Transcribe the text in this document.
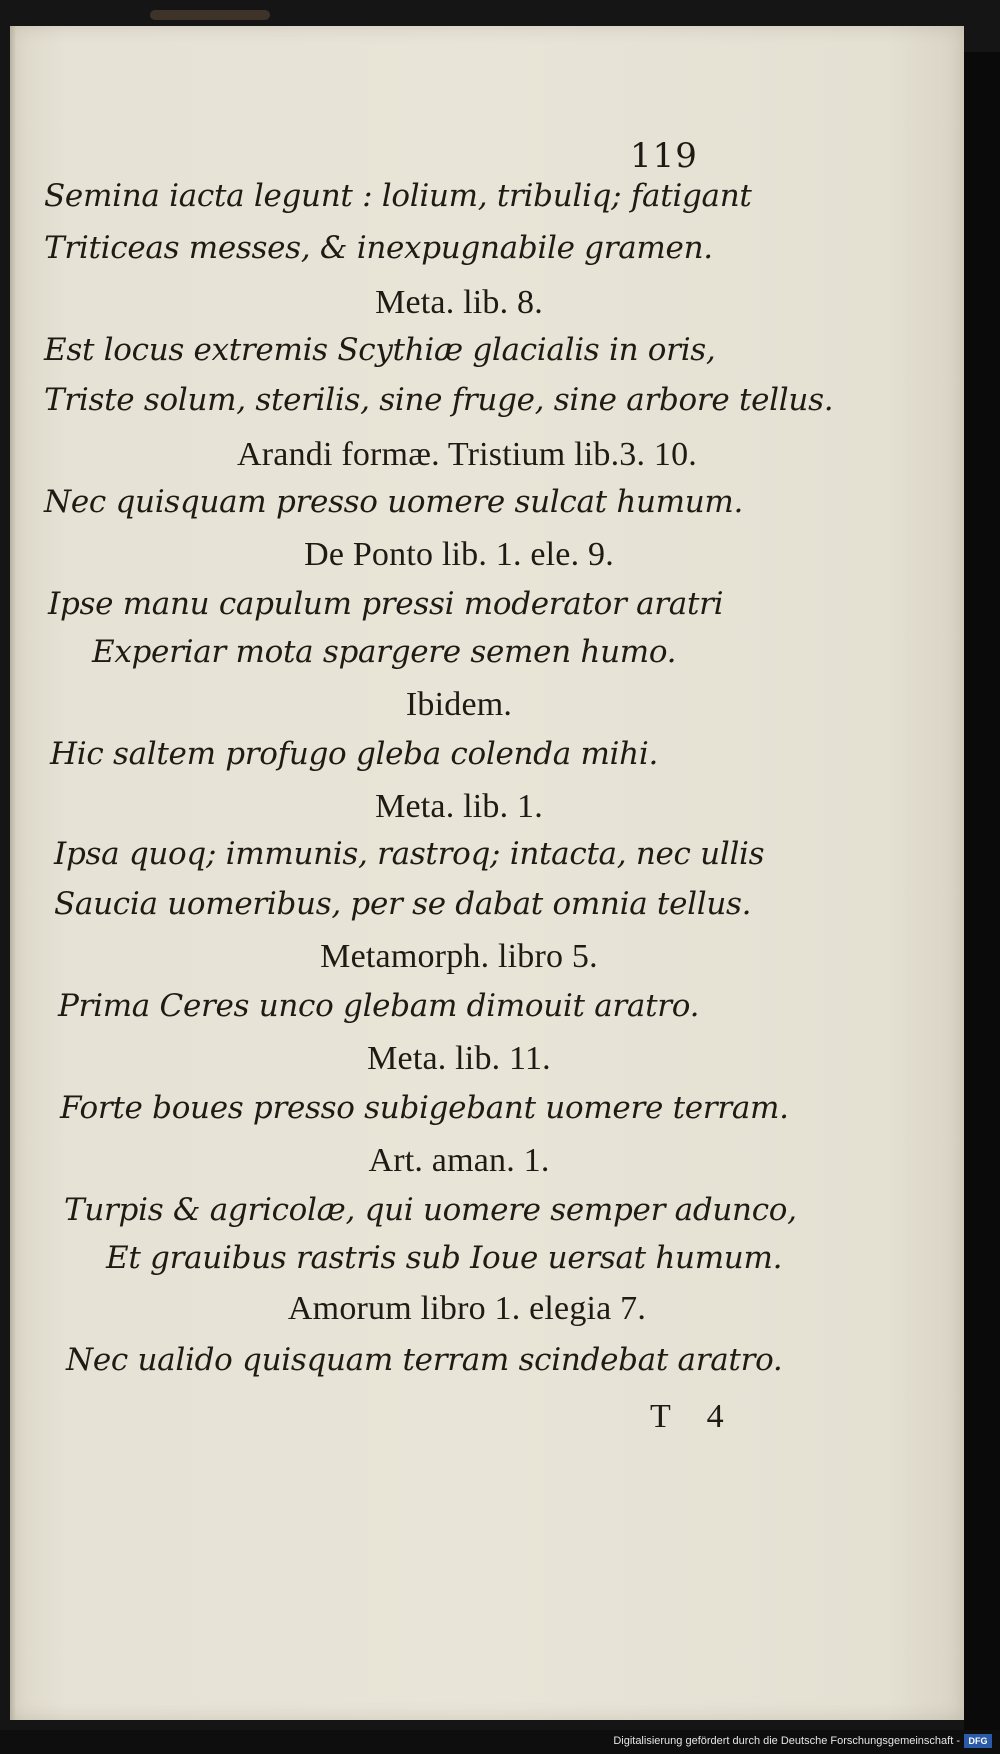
119
Semina iacta legunt : lolium, tribuliq; fatigant
Triticeas messes, & inexpugnabile gramen.
Meta. lib. 8.
Est locus extremis Scythiæ glacialis in oris,
Triste solum, sterilis, sine fruge, sine arbore tellus.
Arandi formæ. Tristium lib.3. 10.
Nec quisquam presso uomere sulcat humum.
De Ponto lib. 1. ele. 9.
Ipse manu capulum pressi moderator aratri
Experiar mota spargere semen humo.
Ibidem.
Hic saltem profugo gleba colenda mihi.
Meta. lib. 1.
Ipsa quoq; immunis, rastroq; intacta, nec ullis
Saucia uomeribus, per se dabat omnia tellus.
Metamorph. libro 5.
Prima Ceres unco glebam dimouit aratro.
Meta. lib. 11.
Forte boues presso subigebant uomere terram.
Art. aman. 1.
Turpis & agricolæ, qui uomere semper adunco,
Et grauibus rastris sub Ioue uersat humum.
Amorum libro 1. elegia 7.
Nec ualido quisquam terram scindebat aratro.
T 4
Digitalisierung gefördert durch die Deutsche Forschungsgemeinschaft - DFG
